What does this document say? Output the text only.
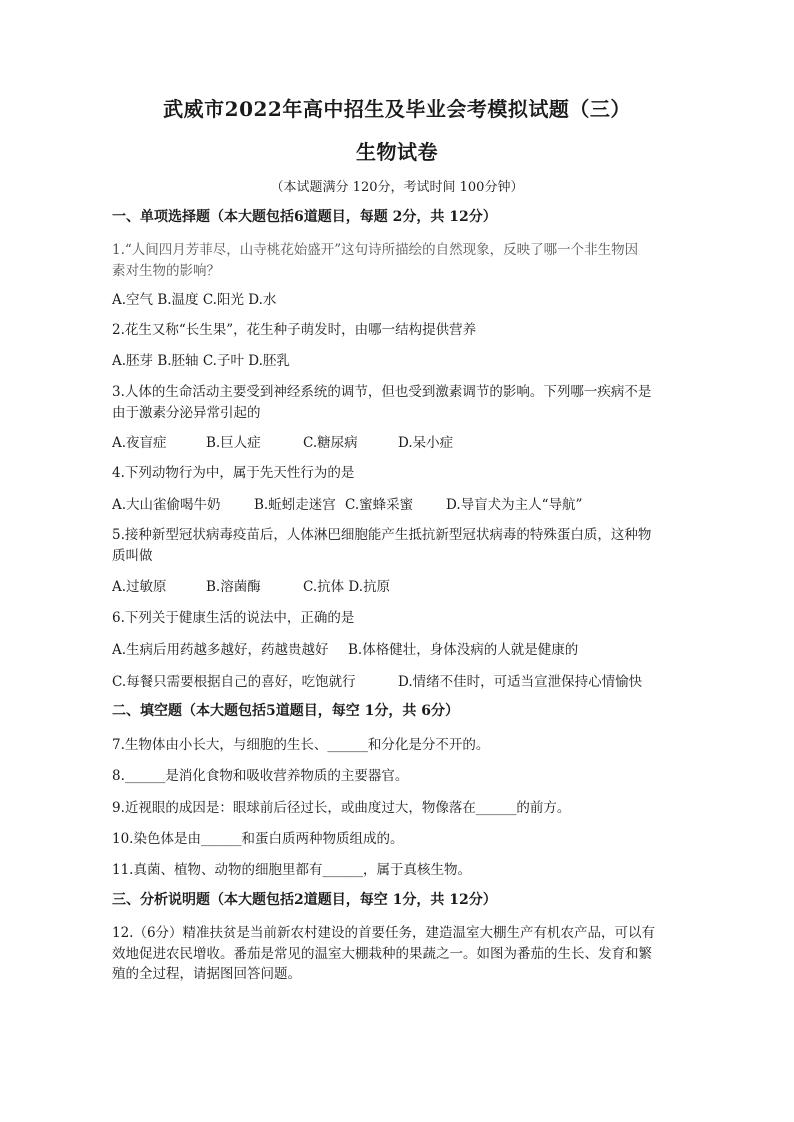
武威市2022年高中招生及毕业会考模拟试题（三）
生物试卷
（本试题满分 120分，考试时间 100分钟）
一、单项选择题（本大题包括6道题目，每题 2分，共 12分）
1.“人间四月芳菲尽，山寺桃花始盛开”这句诗所描绘的自然现象，反映了哪一个非生物因
素对生物的影响？
A.空气 B.温度 C.阳光 D.水
2.花生又称“长生果”，花生种子萌发时，由哪一结构提供营养
A.胚芽 B.胚轴 C.子叶 D.胚乳
3.人体的生命活动主要受到神经系统的调节，但也受到激素调节的影响。下列哪一疾病不是
由于激素分泌异常引起的
A.夜盲症	B.巨人症	C.糖尿病	D.呆小症
4.下列动物行为中，属于先天性行为的是
A.大山雀偷喝牛奶 B.蚯蚓走迷宫 C.蜜蜂采蜜 D.导盲犬为主人“导航”
5.接种新型冠状病毒疫苗后，人体淋巴细胞能产生抵抗新型冠状病毒的特殊蛋白质，这种物
质叫做
A.过敏原	B.溶菌酶	C.抗体 D.抗原
6.下列关于健康生活的说法中，正确的是
A.生病后用药越多越好，药越贵越好 B.体格健壮，身体没病的人就是健康的
C.每餐只需要根据自己的喜好，吃饱就行	D.情绪不佳时，可适当宣泄保持心情愉快
二、填空题（本大题包括5道题目，每空 1分，共 6分）
7.生物体由小长大，与细胞的生长、______和分化是分不开的。
8.______是消化食物和吸收营养物质的主要器官。
9.近视眼的成因是：眼球前后径过长，或曲度过大，物像落在______的前方。
10.染色体是由______和蛋白质两种物质组成的。
11.真菌、植物、动物的细胞里都有______，属于真核生物。
三、分析说明题（本大题包括2道题目，每空 1分，共 12分）
12.（6分）精准扶贫是当前新农村建设的首要任务，建造温室大棚生产有机农产品，可以有
效地促进农民增收。番茄是常见的温室大棚栽种的果蔬之一。如图为番茄的生长、发育和繁
殖的全过程，请据图回答问题。
